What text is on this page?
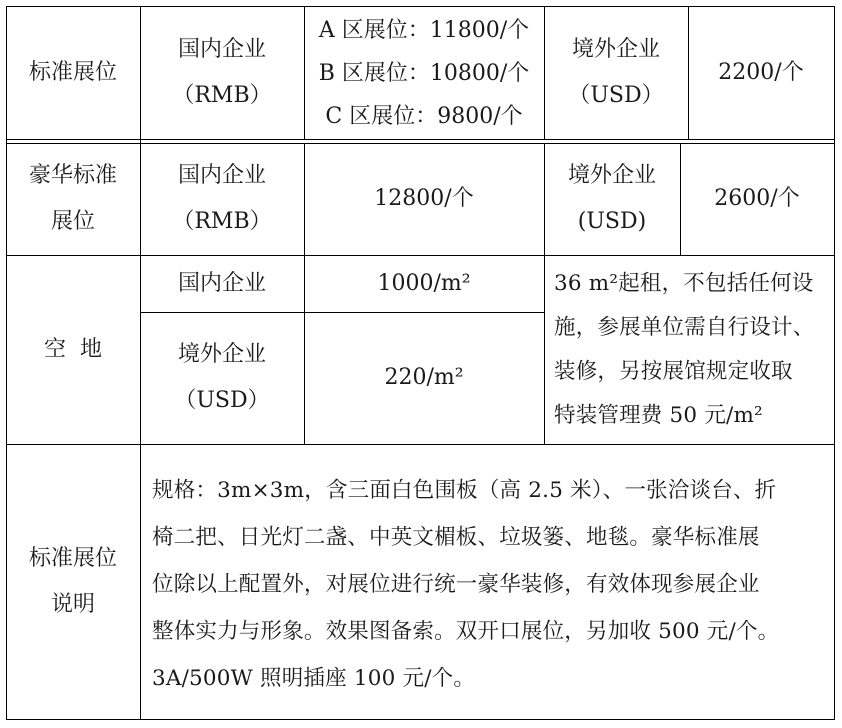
标准展位
国内企业
（RMB）
A 区展位：11800/个
B 区展位：10800/个
C 区展位：9800/个
境外企业
（USD）
2200/个
豪华标准
展位
国内企业
（RMB）
12800/个
境外企业
(USD)
2600/个
空  地
国内企业	1000/m²
境外企业
（USD）
220/m²
36 m²起租，不包括任何设
施，参展单位需自行设计、
装修，另按展馆规定收取
特装管理费 50 元/m²
标准展位
说明
规格：3m×3m，含三面白色围板（高 2.5 米）、一张洽谈台、折
椅二把、日光灯二盏、中英文楣板、垃圾篓、地毯。豪华标准展
位除以上配置外，对展位进行统一豪华装修，有效体现参展企业
整体实力与形象。效果图备索。双开口展位，另加收 500 元/个。
3A/500W 照明插座 100 元/个。
